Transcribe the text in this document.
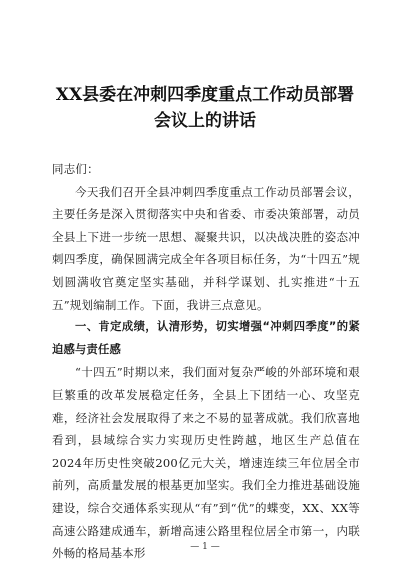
XX县委在冲刺四季度重点工作动员部署
会议上的讲话

同志们：

今天我们召开全县冲刺四季度重点工作动员部署会议，主要任务是深入贯彻落实中央和省委、市委决策部署，动员全县上下进一步统一思想、凝聚共识，以决战决胜的姿态冲刺四季度，确保圆满完成全年各项目标任务，为“十四五”规划圆满收官奠定坚实基础，并科学谋划、扎实推进“十五五”规划编制工作。下面，我讲三点意见。

一、肯定成绩，认清形势，切实增强“冲刺四季度”的紧迫感与责任感

“十四五”时期以来，我们面对复杂严峻的外部环境和艰巨繁重的改革发展稳定任务，全县上下团结一心、攻坚克难，经济社会发展取得了来之不易的显著成就。我们欣喜地看到，县域综合实力实现历史性跨越，地区生产总值在2024年历史性突破200亿元大关，增速连续三年位居全市前列，高质量发展的根基更加坚实。我们全力推进基础设施建设，综合交通体系实现从“有”到“优”的蝶变，XX、XX等高速公路建成通车，新增高速公路里程位居全市第一，内联外畅的格局基本形	— 1 —
